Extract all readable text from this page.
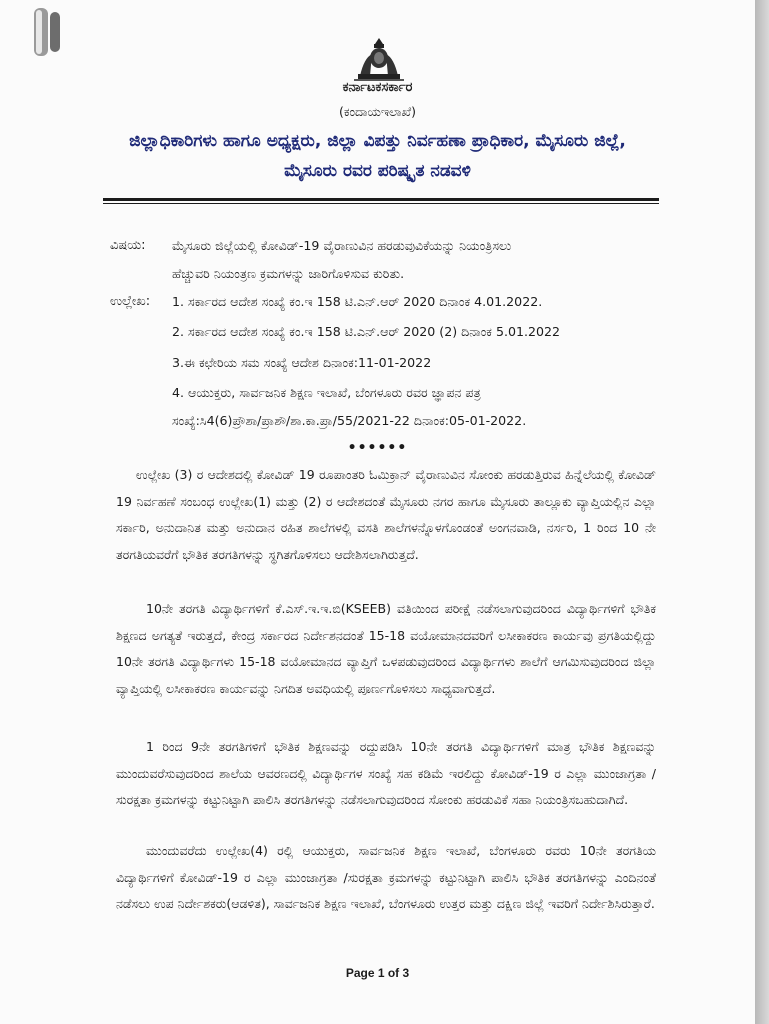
ಕರ್ನಾಟಕಸರ್ಕಾರ
(ಕಂದಾಯಇಲಾಖೆ)
ಜಿಲ್ಲಾಧಿಕಾರಿಗಳು ಹಾಗೂ ಅಧ್ಯಕ್ಷರು, ಜಿಲ್ಲಾ ವಿಪತ್ತು ನಿರ್ವಹಣಾ ಪ್ರಾಧಿಕಾರ, ಮೈಸೂರು ಜಿಲ್ಲೆ,
ಮೈಸೂರು ರವರ ಪರಿಷ್ಕೃತ ನಡವಳಿ
ವಿಷಯ: ಮೈಸೂರು ಜಿಲ್ಲೆಯಲ್ಲಿ ಕೋವಿಡ್-19 ವೈರಾಣುವಿನ ಹರಡುವುವಿಕೆಯನ್ನು ನಿಯಂತ್ರಿಸಲು
ಹೆಚ್ಚುವರಿ ನಿಯಂತ್ರಣ ಕ್ರಮಗಳನ್ನು ಜಾರಿಗೊಳಿಸುವ ಕುರಿತು.
ಉಲ್ಲೇಖ: 1. ಸರ್ಕಾರದ ಆದೇಶ ಸಂಖ್ಯೆ ಕಂ.ಇ 158 ಟಿ.ಎನ್.ಆರ್ 2020 ದಿನಾಂಕ 4.01.2022.
2. ಸರ್ಕಾರದ ಆದೇಶ ಸಂಖ್ಯೆ ಕಂ.ಇ 158 ಟಿ.ಎನ್.ಆರ್ 2020 (2) ದಿನಾಂಕ 5.01.2022
3.ಈ ಕಛೇರಿಯ ಸಮ ಸಂಖ್ಯೆ ಆದೇಶ ದಿನಾಂಕ:11-01-2022
4. ಆಯುಕ್ತರು, ಸಾರ್ವಜನಿಕ ಶಿಕ್ಷಣ ಇಲಾಖೆ, ಬೆಂಗಳೂರು ರವರ ಜ್ಞಾಪನ ಪತ್ರ
ಸಂಖ್ಯೆ:ಸಿ4(6)ಪ್ರೌಶಾ/ಪ್ರಾಶೌ/ಶಾ.ಕಾ.ಪ್ರಾ/55/2021-22 ದಿನಾಂಕ:05-01-2022.
••••••
ಉಲ್ಲೇಖ (3) ರ ಆದೇಶದಲ್ಲಿ ಕೋವಿಡ್ 19 ರೂಪಾಂತರಿ ಓಮಿಕ್ರಾನ್ ವೈರಾಣುವಿನ ಸೋಂಕು ಹರಡುತ್ತಿರುವ ಹಿನ್ನೆಲೆಯಲ್ಲಿ ಕೋವಿಡ್ 19 ನಿರ್ವಹಣೆ ಸಂಬಂಧ ಉಲ್ಲೇಖ(1) ಮತ್ತು (2) ರ ಆದೇಶದಂತೆ ಮೈಸೂರು ನಗರ ಹಾಗೂ ಮೈಸೂರು ತಾಲ್ಲೂಕು ವ್ಯಾಪ್ತಿಯಲ್ಲಿನ ಎಲ್ಲಾ ಸರ್ಕಾರಿ, ಅನುದಾನಿತ ಮತ್ತು ಅನುದಾನ ರಹಿತ ಶಾಲೆಗಳಲ್ಲಿ ವಸತಿ ಶಾಲೆಗಳನ್ನೊಳಗೊಂಡಂತೆ ಅಂಗನವಾಡಿ, ನರ್ಸರಿ, 1 ರಿಂದ 10 ನೇ ತರಗತಿಯವರೆಗೆ ಭೌತಿಕ ತರಗತಿಗಳನ್ನು ಸ್ಥಗಿತಗೊಳಿಸಲು ಆದೇಶಿಸಲಾಗಿರುತ್ತದೆ.
10ನೇ ತರಗತಿ ವಿದ್ಯಾರ್ಥಿಗಳಿಗೆ ಕೆ.ಎಸ್.ಇ.ಇ.ಬಿ(KSEEB) ವತಿಯಿಂದ ಪರೀಕ್ಷೆ ನಡೆಸಲಾಗುವುದರಿಂದ ವಿದ್ಯಾರ್ಥಿಗಳಿಗೆ ಭೌತಿಕ ಶಿಕ್ಷಣದ ಅಗತ್ಯತೆ ಇರುತ್ತದೆ, ಕೇಂದ್ರ ಸರ್ಕಾರದ ನಿರ್ದೇಶನದಂತೆ 15-18 ವಯೋಮಾನದವರಿಗೆ ಲಸೀಕಾಕರಣ ಕಾರ್ಯವು ಪ್ರಗತಿಯಲ್ಲಿದ್ದು 10ನೇ ತರಗತಿ ವಿದ್ಯಾರ್ಥಿಗಳು 15-18 ವಯೋಮಾನದ ವ್ಯಾಪ್ತಿಗೆ ಒಳಪಡುವುದರಿಂದ ವಿದ್ಯಾರ್ಥಿಗಳು ಶಾಲೆಗೆ ಆಗಮಿಸುವುದರಿಂದ ಜಿಲ್ಲಾ ವ್ಯಾಪ್ತಿಯಲ್ಲಿ ಲಸೀಕಾಕರಣ ಕಾರ್ಯವನ್ನು ನಿಗದಿತ ಅವಧಿಯಲ್ಲಿ ಪೂರ್ಣಗೊಳಿಸಲು ಸಾಧ್ಯವಾಗುತ್ತದೆ.
1 ರಿಂದ 9ನೇ ತರಗತಿಗಳಿಗೆ ಭೌತಿಕ ಶಿಕ್ಷಣವನ್ನು ರದ್ದುಪಡಿಸಿ 10ನೇ ತರಗತಿ ವಿದ್ಯಾರ್ಥಿಗಳಿಗೆ ಮಾತ್ರ ಭೌತಿಕ ಶಿಕ್ಷಣವನ್ನು ಮುಂದುವರೆಸುವುದರಿಂದ ಶಾಲೆಯ ಆವರಣದಲ್ಲಿ ವಿದ್ಯಾರ್ಥಿಗಳ ಸಂಖ್ಯೆ ಸಹ ಕಡಿಮೆ ಇರಲಿದ್ದು ಕೋವಿಡ್-19 ರ ಎಲ್ಲಾ ಮುಂಜಾಗ್ರತಾ /ಸುರಕ್ಷತಾ ಕ್ರಮಗಳನ್ನು ಕಟ್ಟುನಿಟ್ಟಾಗಿ ಪಾಲಿಸಿ ತರಗತಿಗಳನ್ನು ನಡೆಸಲಾಗುವುದರಿಂದ ಸೋಂಕು ಹರಡುವಿಕೆ ಸಹಾ ನಿಯಂತ್ರಿಸಬಹುದಾಗಿದೆ.
ಮುಂದುವರೆದು ಉಲ್ಲೇಖ(4) ರಲ್ಲಿ ಆಯುಕ್ತರು, ಸಾರ್ವಜನಿಕ ಶಿಕ್ಷಣ ಇಲಾಖೆ, ಬೆಂಗಳೂರು ರವರು 10ನೇ ತರಗತಿಯ ವಿದ್ಯಾರ್ಥಿಗಳಿಗೆ ಕೋವಿಡ್-19 ರ ಎಲ್ಲಾ ಮುಂಜಾಗ್ರತಾ /ಸುರಕ್ಷತಾ ಕ್ರಮಗಳನ್ನು ಕಟ್ಟುನಿಟ್ಟಾಗಿ ಪಾಲಿಸಿ ಭೌತಿಕ ತರಗತಿಗಳನ್ನು ಎಂದಿನಂತೆ ನಡೆಸಲು ಉಪ ನಿರ್ದೇಶಕರು(ಆಡಳಿತ), ಸಾರ್ವಜನಿಕ ಶಿಕ್ಷಣ ಇಲಾಖೆ, ಬೆಂಗಳೂರು ಉತ್ತರ ಮತ್ತು ದಕ್ಷಿಣ ಜಿಲ್ಲೆ ಇವರಿಗೆ ನಿರ್ದೇಶಿಸಿರುತ್ತಾರೆ.
Page 1 of 3
